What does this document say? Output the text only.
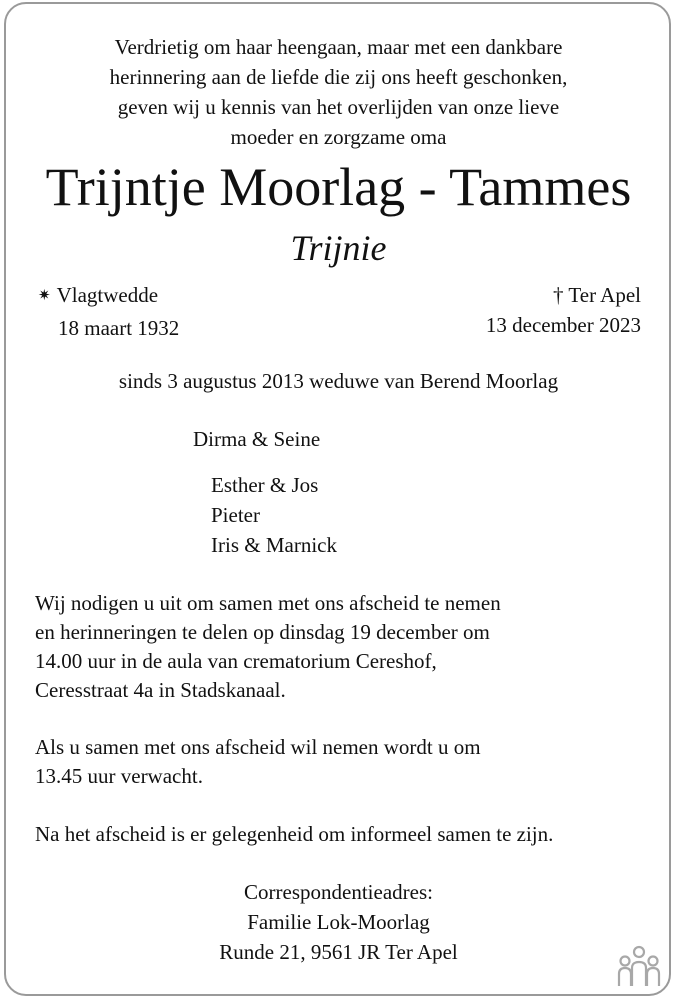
Verdrietig om haar heengaan, maar met een dankbare
herinnering aan de liefde die zij ons heeft geschonken,
geven wij u kennis van het overlijden van onze lieve
moeder en zorgzame oma
Trijntje Moorlag - Tammes
Trijnie
✷ Vlagtwedde
18 maart 1932
† Ter Apel
13 december 2023
sinds 3 augustus 2013 weduwe van Berend Moorlag
Dirma & Seine
Esther & Jos
Pieter
Iris & Marnick
Wij nodigen u uit om samen met ons afscheid te nemen
en herinneringen te delen op dinsdag 19 december om
14.00 uur in de aula van crematorium Cereshof,
Ceresstraat 4a in Stadskanaal.
Als u samen met ons afscheid wil nemen wordt u om
13.45 uur verwacht.
Na het afscheid is er gelegenheid om informeel samen te zijn.
Correspondentieadres:
Familie Lok-Moorlag
Runde 21, 9561 JR Ter Apel
